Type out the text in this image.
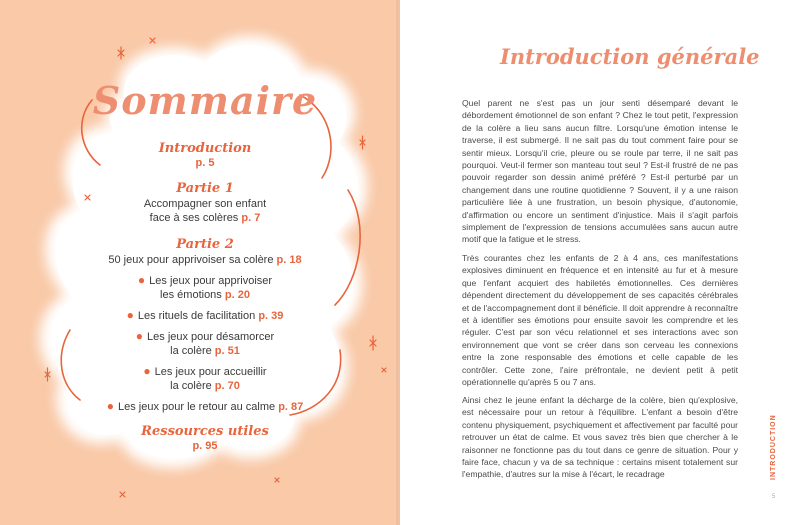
Sommaire
Introduction
p. 5
Partie 1
Accompagner son enfant
face à ses colères p. 7
Partie 2
50 jeux pour apprivoiser sa colère p. 18
● Les jeux pour apprivoiser
les émotions p. 20
● Les rituels de facilitation p. 39
● Les jeux pour désamorcer
la colère p. 51
● Les jeux pour accueillir
la colère p. 70
● Les jeux pour le retour au calme p. 87
Ressources utiles
p. 95
Introduction générale

Quel parent ne s'est pas un jour senti désemparé devant le débordement émotionnel de son enfant ? Chez le tout petit, l'expression de la colère a lieu sans aucun filtre. Lorsqu'une émotion intense le traverse, il est submergé. Il ne sait pas du tout comment faire pour se sentir mieux. Lorsqu'il crie, pleure ou se roule par terre, il ne sait pas pourquoi. Veut-il fermer son manteau tout seul ? Est-il frustré de ne pas pouvoir regarder son dessin animé préféré ? Est-il perturbé par un changement dans une routine quotidienne ? Souvent, il y a une raison particulière liée à une frustration, un besoin physique, d'autonomie, d'affirmation ou encore un sentiment d'injustice. Mais il s'agit parfois simplement de l'expression de tensions accumulées sans aucun autre motif que la fatigue et le stress.

Très courantes chez les enfants de 2 à 4 ans, ces manifestations explosives diminuent en fréquence et en intensité au fur et à mesure que l'enfant acquiert des habiletés émotionnelles. Ces dernières dépendent directement du développement de ses capacités cérébrales et de l'accompagnement dont il bénéficie. Il doit apprendre à reconnaître et à identifier ses émotions pour ensuite savoir les comprendre et les réguler. C'est par son vécu relationnel et ses interactions avec son environnement que vont se créer dans son cerveau les connexions entre la zone responsable des émotions et celle capable de les contrôler. Cette zone, l'aire préfrontale, ne devient petit à petit opérationnelle qu'après 5 ou 7 ans.

Ainsi chez le jeune enfant la décharge de la colère, bien qu'explosive, est nécessaire pour un retour à l'équilibre. L'enfant a besoin d'être contenu physiquement, psychiquement et affectivement par faculté pour retrouver un état de calme. Et vous savez très bien que chercher à le raisonner ne fonctionne pas du tout dans ce genre de situation. Pour y faire face, chacun y va de sa technique : certains misent totalement sur l'empathie, d'autres sur la mise à l'écart, le recadrage	INTRODUCTION
5
